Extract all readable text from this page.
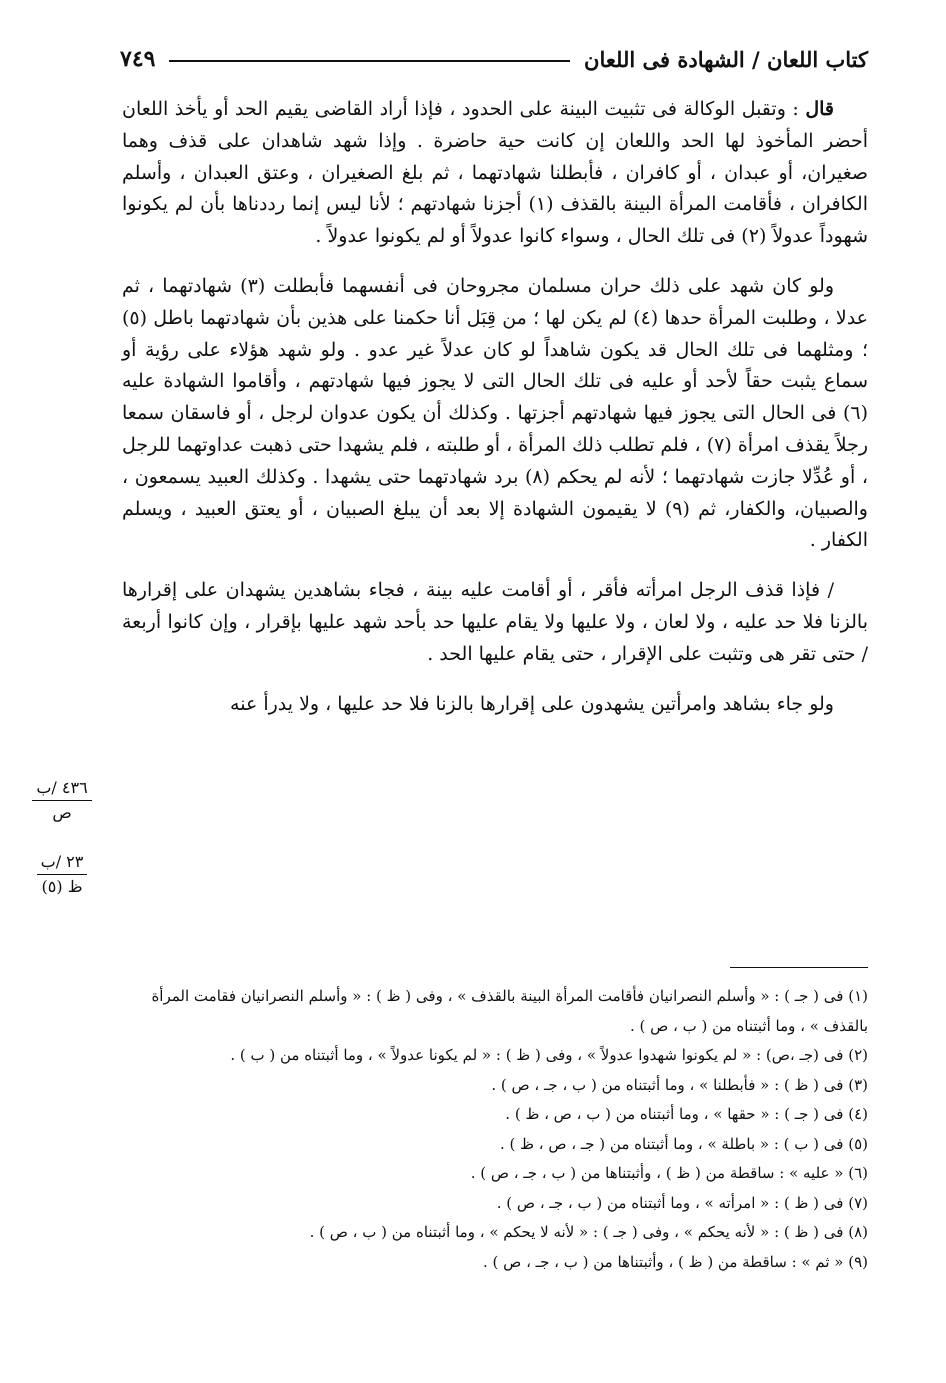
كتاب اللعان / الشهادة فى اللعان
٧٤٩

قال : وتقبل الوكالة فى تثبيت البينة على الحدود ، فإذا أراد القاضى يقيم الحد أو يأخذ اللعان أحضر المأخوذ لها الحد واللعان إن كانت حية حاضرة . وإذا شهد شاهدان على قذف وهما صغيران، أو عبدان ، أو كافران ، فأبطلنا شهادتهما ، ثم بلغ الصغيران ، وعتق العبدان ، وأسلم الكافران ، فأقامت المرأة البينة بالقذف (١) أجزنا شهادتهم ؛ لأنا ليس إنما رددناها بأن لم يكونوا شهوداً عدولاً (٢) فى تلك الحال ، وسواء كانوا عدولاً أو لم يكونوا عدولاً .

ولو كان شهد على ذلك حران مسلمان مجروحان فى أنفسهما فأبطلت (٣) شهادتهما ، ثم عدلا ، وطلبت المرأة حدها (٤) لم يكن لها ؛ من قِبَل أنا حكمنا على هذين بأن شهادتهما باطل (٥) ؛ ومثلهما فى تلك الحال قد يكون شاهداً لو كان عدلاً غير عدو . ولو شهد هؤلاء على رؤية أو سماع يثبت حقاً لأحد أو عليه فى تلك الحال التى لا يجوز فيها شهادتهم ، وأقاموا الشهادة عليه (٦) فى الحال التى يجوز فيها شهادتهم أجزتها . وكذلك أن يكون عدوان لرجل ، أو فاسقان سمعا رجلاً يقذف امرأة (٧) ، فلم تطلب ذلك المرأة ، أو طلبته ، فلم يشهدا حتى ذهبت عداوتهما للرجل ، أو عُدِّلا جازت شهادتهما ؛ لأنه لم يحكم (٨) برد شهادتهما حتى يشهدا . وكذلك العبيد يسمعون ، والصبيان، والكفار، ثم (٩) لا يقيمون الشهادة إلا بعد أن يبلغ الصبيان ، أو يعتق العبيد ، ويسلم الكفار .

/ فإذا قذف الرجل امرأته فأقر ، أو أقامت عليه بينة ، فجاء بشاهدين يشهدان على إقرارها بالزنا فلا حد عليه ، ولا لعان ، ولا عليها ولا يقام عليها حد بأحد شهد عليها بإقرار ، وإن كانوا أربعة / حتى تقر هى وتثبت على الإقرار ، حتى يقام عليها الحد .

ولو جاء بشاهد وامرأتين يشهدون على إقرارها بالزنا فلا حد عليها ، ولا يدرأ عنه

٤٣٦ /ب
ص
٢٣ /ب
ظ (٥)

(١) فى ( جـ ) : « وأسلم النصرانيان فأقامت المرأة البينة بالقذف » ، وفى ( ظ ) : « وأسلم النصرانيان فقامت المرأة بالقذف » ، وما أثبتناه من ( ب ، ص ) .

(٢) فى (جـ ،ص) : « لم يكونوا شهدوا عدولاً » ، وفى ( ظ ) : « لم يكونا عدولاً » ، وما أثبتناه من ( ب ) .

(٣) فى ( ظ ) : « فأبطلنا » ، وما أثبتناه من ( ب ، جـ ، ص ) .

(٤) فى ( جـ ) : « حقها » ، وما أثبتناه من ( ب ، ص ، ظ ) .

(٥) فى ( ب ) : « باطلة » ، وما أثبتناه من ( جـ ، ص ، ظ ) .

(٦) « عليه » : ساقطة من ( ظ ) ، وأثبتناها من ( ب ، جـ ، ص ) .

(٧) فى ( ظ ) : « امرأته » ، وما أثبتناه من ( ب ، جـ ، ص ) .

(٨) فى ( ظ ) : « لأنه يحكم » ، وفى ( جـ ) : « لأنه لا يحكم » ، وما أثبتناه من ( ب ، ص ) .

(٩) « ثم » : ساقطة من ( ظ ) ، وأثبتناها من ( ب ، جـ ، ص ) .
